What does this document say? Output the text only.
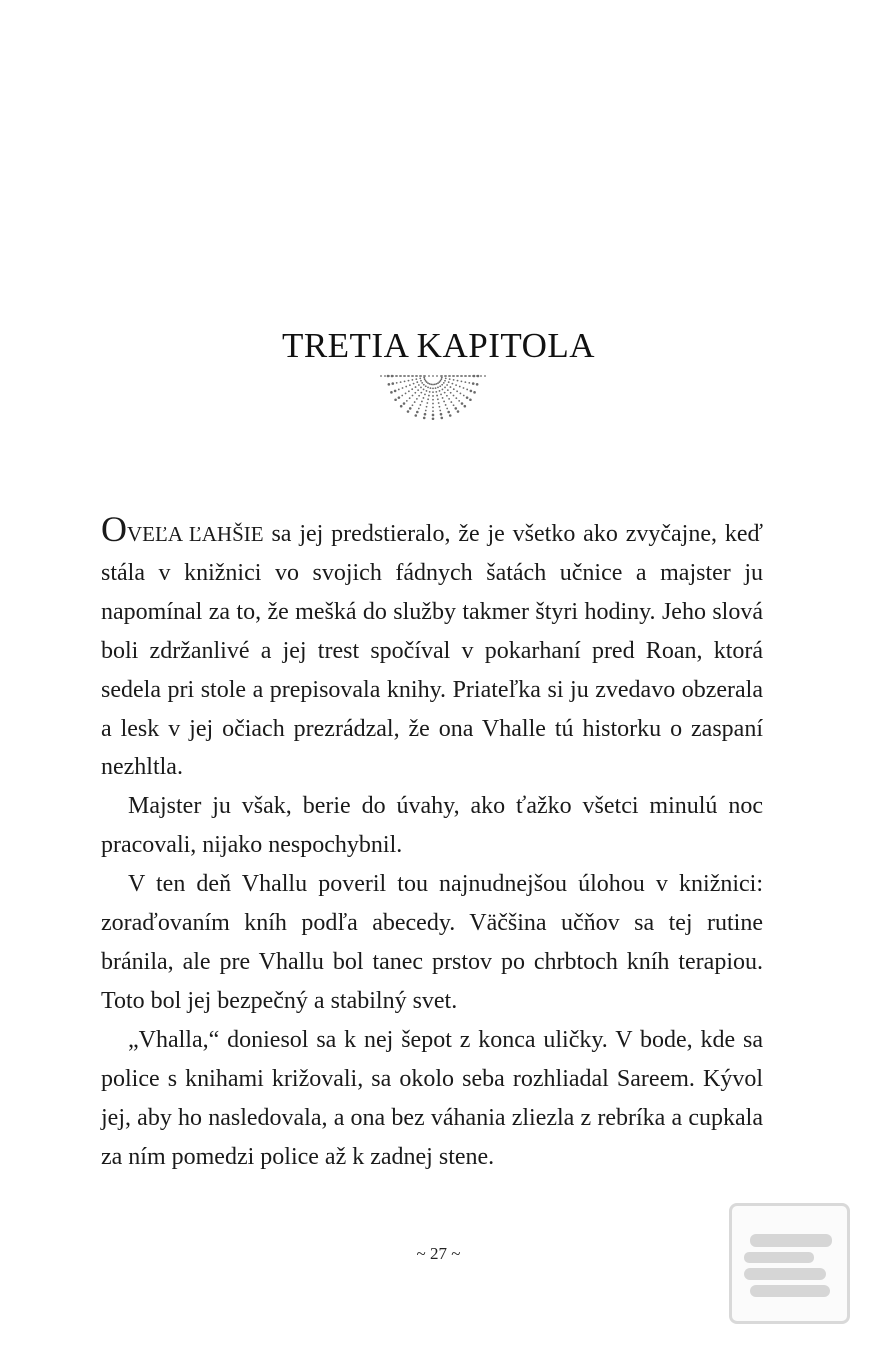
TRETIA KAPITOLA

OVEĽA ĽAHŠIE sa jej predstieralo, že je všetko ako zvyčajne, keď stála v knižnici vo svojich fádnych šatách učnice a majster ju napomínal za to, že mešká do služby takmer štyri hodiny. Jeho slová boli zdržanlivé a jej trest spočíval v pokarhaní pred Roan, ktorá sedela pri stole a prepisovala knihy. Priateľka si ju zvedavo obzerala a lesk v jej očiach prezrádzal, že ona Vhalle tú historku o zaspaní nezhltla.

Majster ju však, berie do úvahy, ako ťažko všetci minulú noc pracovali, nijako nespochybnil.

V ten deň Vhallu poveril tou najnudnejšou úlohou v knižnici: zoraďovaním kníh podľa abecedy. Väčšina učňov sa tej rutine bránila, ale pre Vhallu bol tanec prstov po chrbtoch kníh terapiou. Toto bol jej bezpečný a stabilný svet.

„Vhalla,“ doniesol sa k nej šepot z konca uličky. V bode, kde sa police s knihami križovali, sa okolo seba rozhliadal Sareem. Kývol jej, aby ho nasledovala, a ona bez váhania zliezla z rebríka a cupkala za ním pomedzi police až k zadnej stene.

~ 27 ~
